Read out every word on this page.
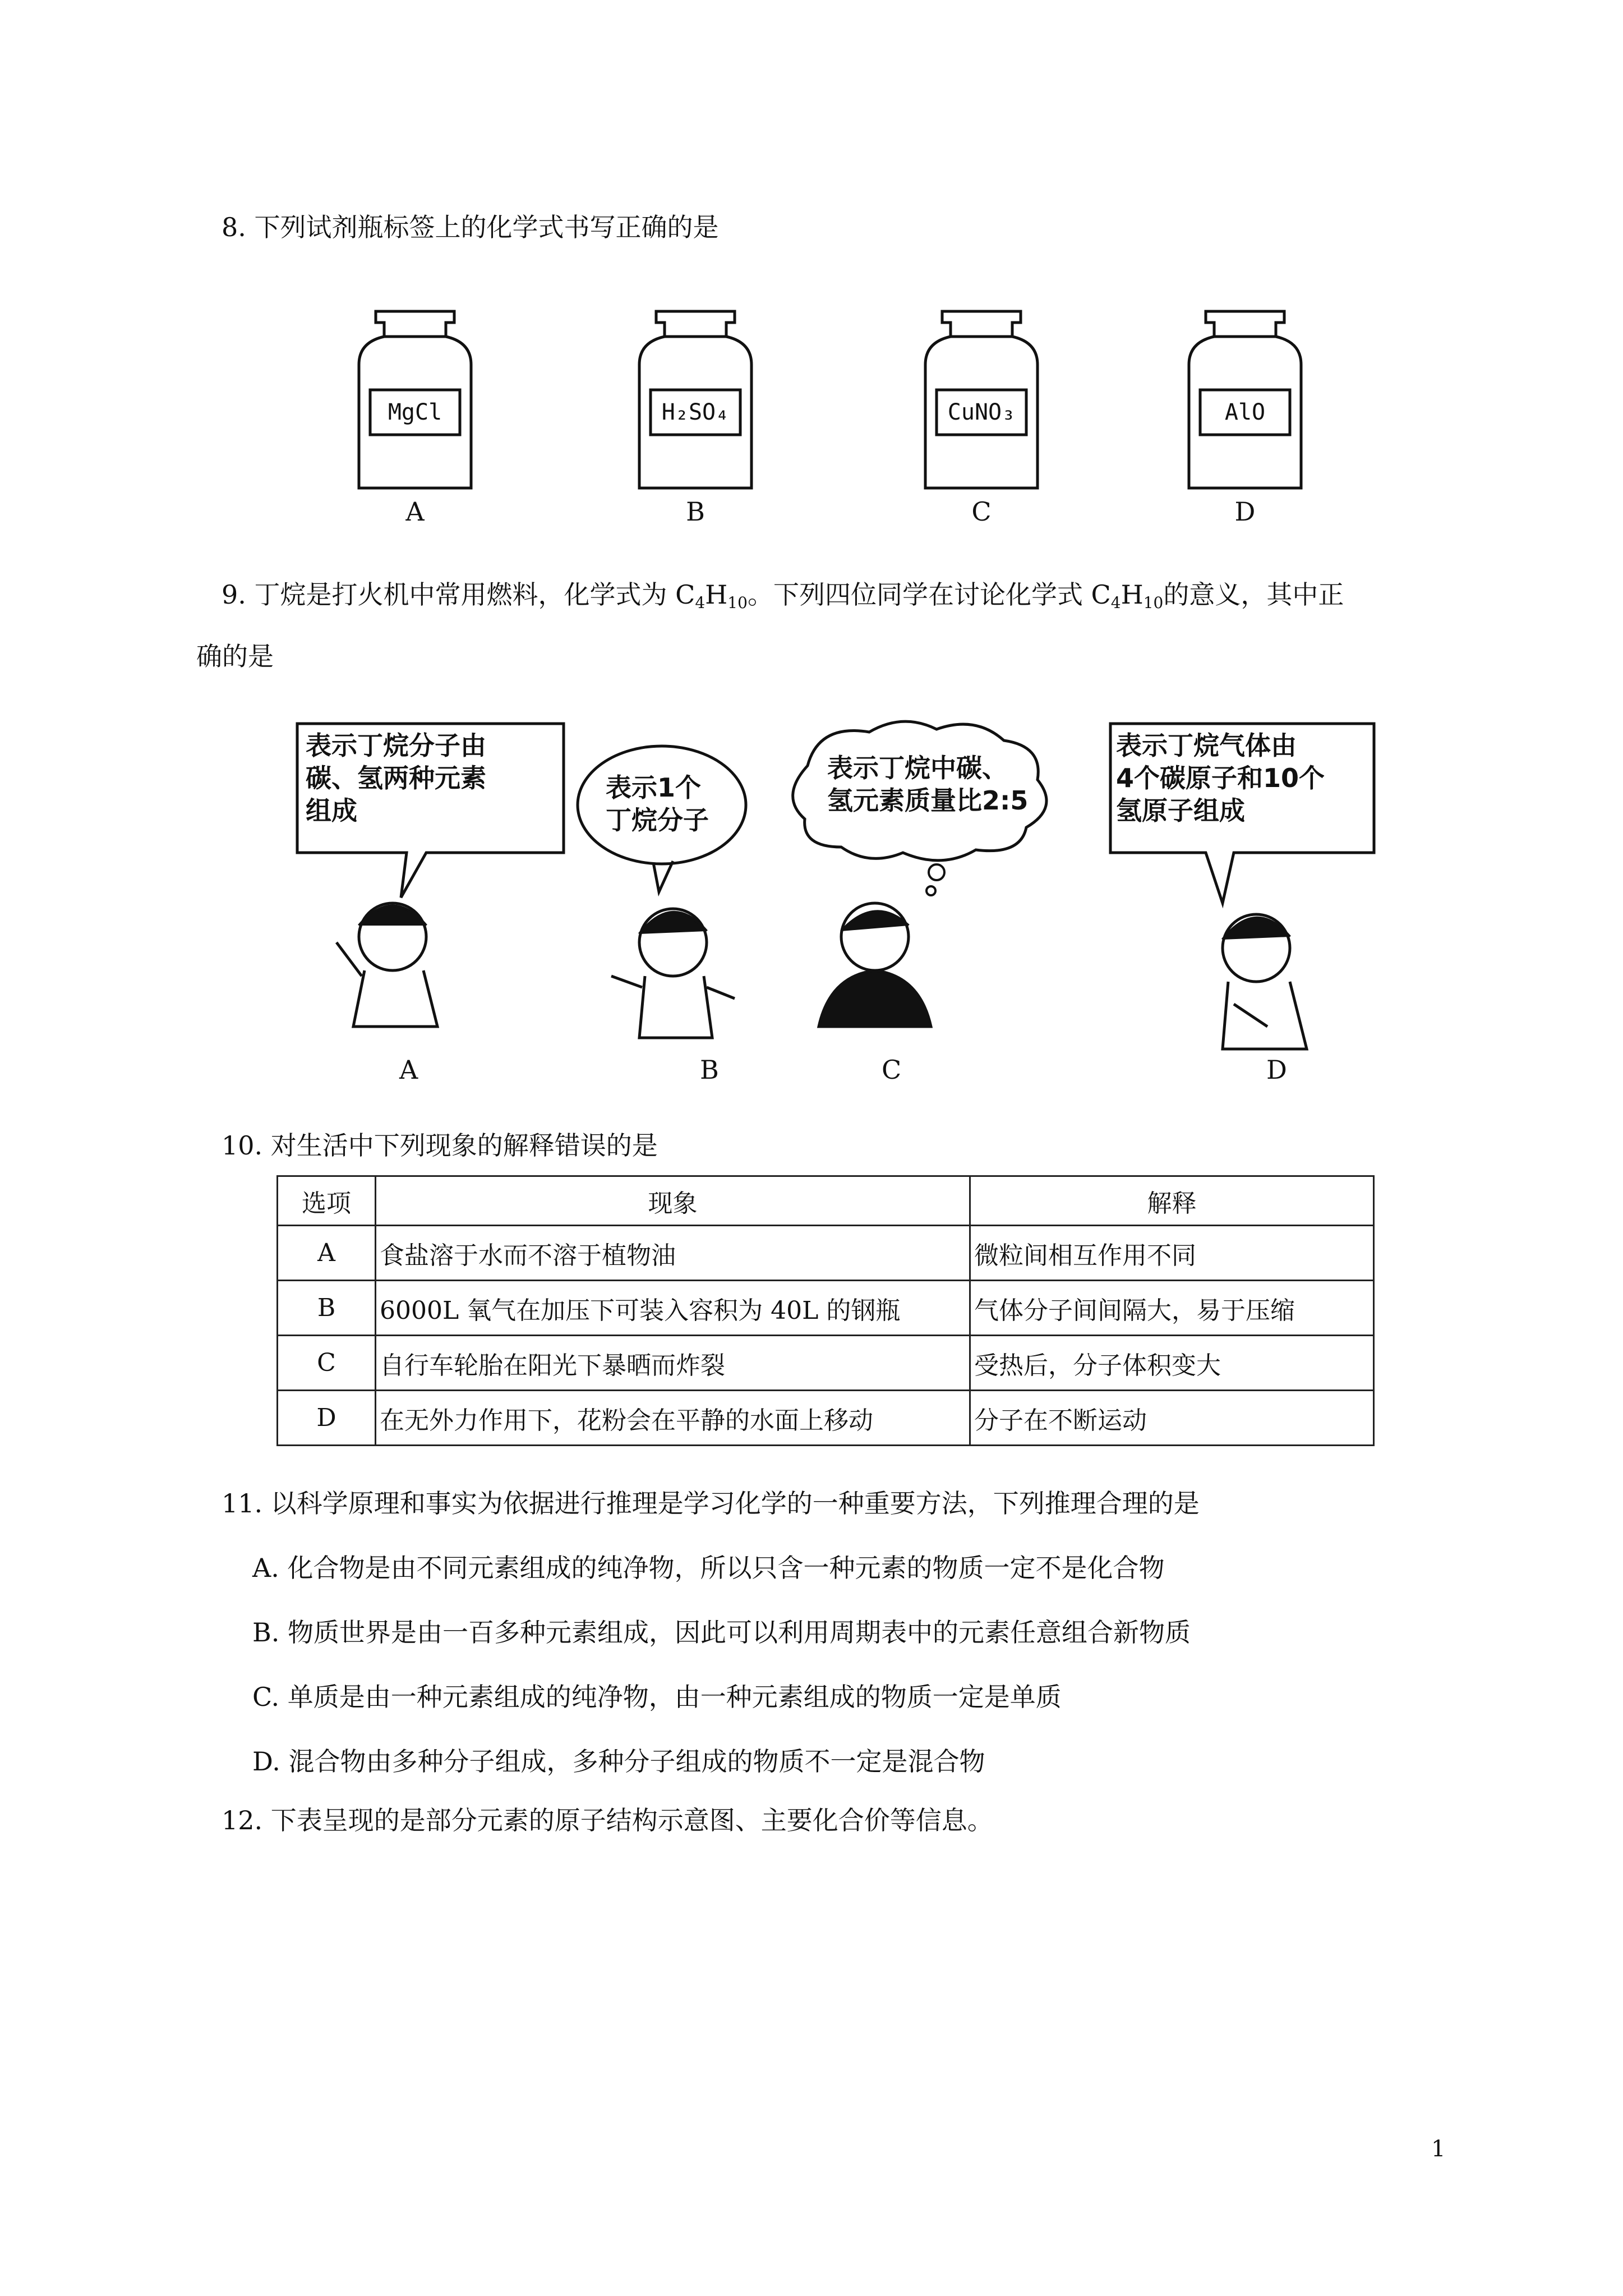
8. 下列试剂瓶标签上的化学式书写正确的是
MgCl
A
H₂SO₄
B
CuNO₃
C
AlO
D
9. 丁烷是打火机中常用燃料，化学式为 $C_4H_{10}$。下列四位同学在讨论化学式 $C_4H_{10}$的意义，其中正
确的是
表示丁烷分子由
碳、氢两种元素
组成
表示1个
丁烷分子
表示丁烷中碳、
氢元素质量比2:5
表示丁烷气体由
4个碳原子和10个
氢原子组成
A	B	C	D
10. 对生活中下列现象的解释错误的是
选项	现象	解释
A	食盐溶于水而不溶于植物油	微粒间相互作用不同
B	6000L 氧气在加压下可装入容积为 40L 的钢瓶	气体分子间间隔大，易于压缩
C	自行车轮胎在阳光下暴晒而炸裂	受热后，分子体积变大
D	在无外力作用下，花粉会在平静的水面上移动	分子在不断运动
11. 以科学原理和事实为依据进行推理是学习化学的一种重要方法，下列推理合理的是
A. 化合物是由不同元素组成的纯净物，所以只含一种元素的物质一定不是化合物
B. 物质世界是由一百多种元素组成，因此可以利用周期表中的元素任意组合新物质
C. 单质是由一种元素组成的纯净物，由一种元素组成的物质一定是单质
D. 混合物由多种分子组成，多种分子组成的物质不一定是混合物
12. 下表呈现的是部分元素的原子结构示意图、主要化合价等信息。
1
